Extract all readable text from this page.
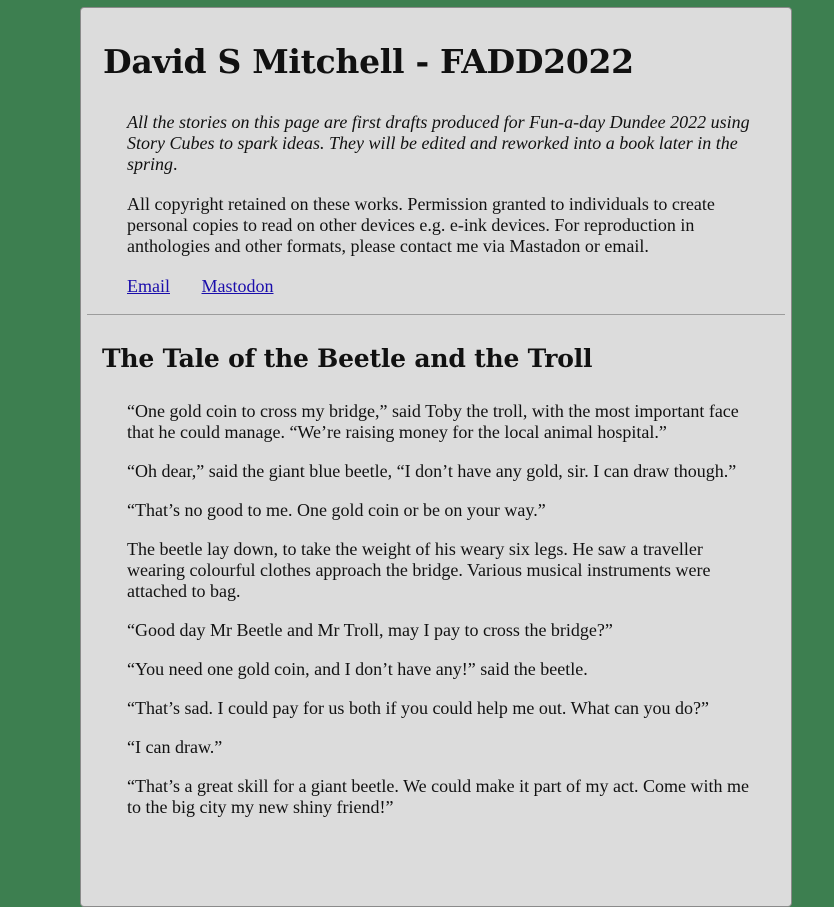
David S Mitchell - FADD2022

All the stories on this page are first drafts produced for Fun-a-day Dundee 2022 using Story Cubes to spark ideas. They will be edited and reworked into a book later in the spring.

All copyright retained on these works. Permission granted to individuals to create personal copies to read on other devices e.g. e-ink devices. For reproduction in anthologies and other formats, please contact me via Mastadon or email.

Email Mastodon
The Tale of the Beetle and the Troll

“One gold coin to cross my bridge,” said Toby the troll, with the most important face that he could manage. “We’re raising money for the local animal hospital.”

“Oh dear,” said the giant blue beetle, “I don’t have any gold, sir. I can draw though.”

“That’s no good to me. One gold coin or be on your way.”

The beetle lay down, to take the weight of his weary six legs. He saw a traveller wearing colourful clothes approach the bridge. Various musical instruments were attached to bag.

“Good day Mr Beetle and Mr Troll, may I pay to cross the bridge?”

“You need one gold coin, and I don’t have any!” said the beetle.

“That’s sad. I could pay for us both if you could help me out. What can you do?”

“I can draw.”

“That’s a great skill for a giant beetle. We could make it part of my act. Come with me to the big city my new shiny friend!”
